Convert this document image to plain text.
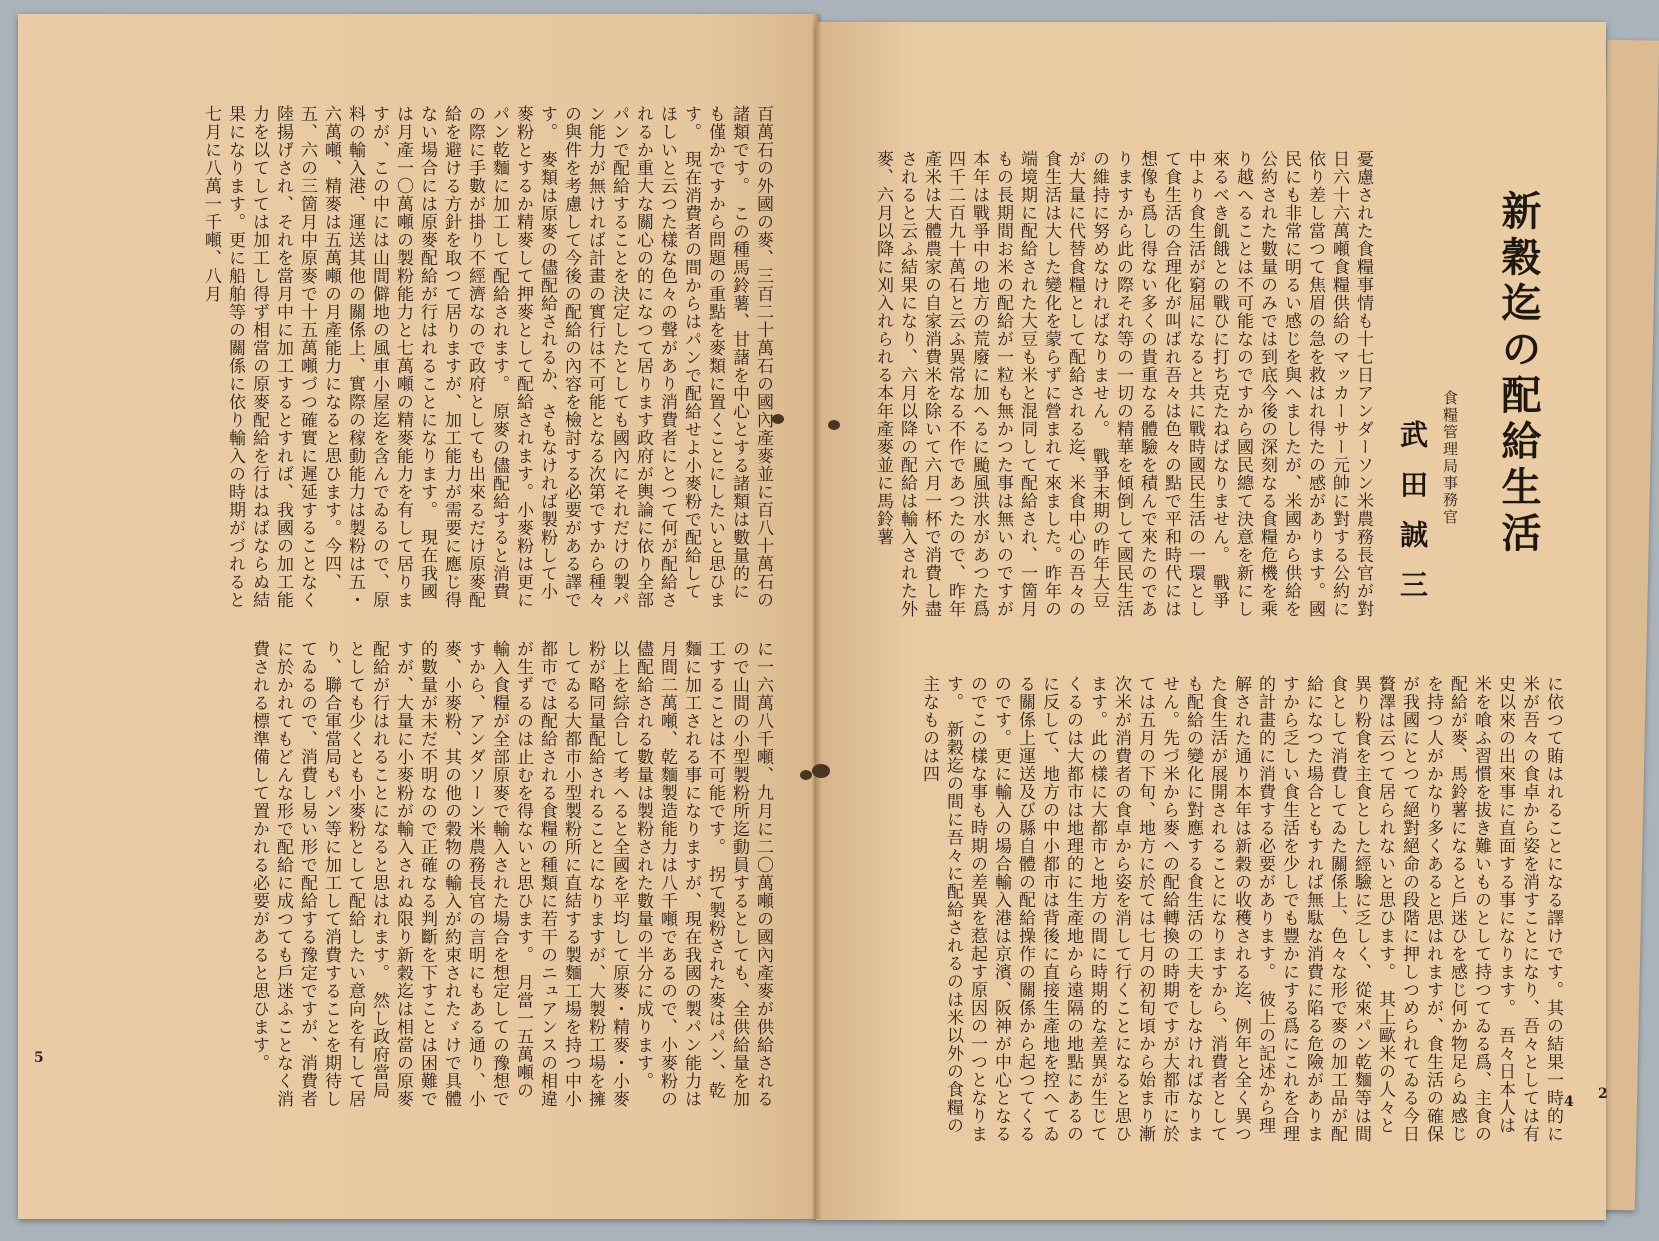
新穀迄の配給生活
食糧管理局事務官
武田誠三
憂慮された食糧事情も十七日アンダーソン米農務長官が對日六十六萬噸食糧供給のマッカーサー元帥に對する公約に依り差し當つて焦眉の急を救はれ得たの感があります。國民にも非常に明るい感じを與へましたが、米國から供給を公約された數量のみでは到底今後の深刻なる食糧危機を乘り越へることは不可能なのですから國民總て決意を新にし來るべき飢餓との戰ひに打ち克たねばなりません。　戰爭中より食生活が窮屈になると共に戰時國民生活の一環として食生活の合理化が叫ばれ吾々は色々の點で平和時代には想像も爲し得ない多くの貴重なる體驗を積んで來たのでありますから此の際それ等の一切の精華を傾倒して國民生活の維持に努めなければなりません。　戰爭末期の昨年大豆が大量に代替食糧として配給される迄、米食中心の吾々の食生活は大した變化を蒙らずに營まれて來ました。昨年の端境期に配給された大豆も米と混同して配給され、一箇月もの長期間お米の配給が一粒も無かつた事は無いのですが本年は戰爭中の地方の荒廢に加へるに颱風洪水があつた爲四千二百九十萬石と云ふ異常なる不作であつたので、昨年產米は大體農家の自家消費米を除いて六月一杯で消費し盡されると云ふ結果になり、六月以降の配給は輸入された外麥、六月以降に刈入れられる本年產麥並に馬鈴薯
に依つて賄はれることになる譯けです。其の結果一時的に米が吾々の食卓から姿を消すことになり、吾々としては有史以來の出來事に直面する事になります。　吾々日本人は米を喰ふ習慣を拔き難いものとして持つてゐる爲、主食の配給が麥、馬鈴薯になると戶迷ひを感じ何か物足らぬ感じを持つ人がかなり多くあると思はれますが、食生活の確保が我國にとつて絕對絕命の段階に押しつめられてゐる今日贅澤は云つて居られないと思ひます。　其上歐米の人々と異り粉食を主食とした經驗に乏しく、從來パン乾麵等は間食として消費してゐた關係上、色々な形で麥の加工品が配給になつた場合ともすれば無駄な消費に陷る危險がありますから乏しい食生活を少しでも豐かにする爲にこれを合理的計畫的に消費する必要があります。　彼上の記述から理解された通り本年は新穀の收穫される迄、例年と全く異つた食生活が展開されることになりますから、消費者としても配給の變化に對應する食生活の工夫をしなければなりません。先づ米から麥への配給轉換の時期ですが大都市に於ては五月の下旬、地方に於ては七月の初旬頃から始まり漸次米が消費者の食卓から姿を消して行くことになると思ひます。此の樣に大都市と地方の間に時期的な差異が生じてくるのは大都市は地理的に生產地から遠隔の地點にあるのに反して、地方の中小都市は背後に直接生產地を控へてゐる關係上運送及び縣自體の配給操作の關係から起つてくるのです。更に輸入の場合輸入港は京濱、阪神が中心となるのでこの樣な事も時期の差異を惹起す原因の一つとなります。　新穀迄の間に吾々に配給されるのは米以外の食糧の主なものは四
百萬石の外國の麥、三百二十萬石の國內產麥並に百八十萬石の諸類です。　この種馬鈴薯、甘藷を中心とする諸類は數量的にも僅かですから問題の重點を麥類に置くことにしたいと思ひます。　現在消費者の間からはパンで配給せよ小麥粉で配給してほしいと云つた樣な色々の聲があり消費者にとつて何が配給されるか重大な關心の的になつて居ります政府が輿論に依り全部パンで配給することを決定したとしても國內にそれだけの製パン能力が無ければ計畫の實行は不可能となる次第ですから種々の與件を考慮して今後の配給の內容を檢討する必要がある譯です。　麥類は原麥の儘配給されるか、さもなければ製粉して小麥粉とするか精麥して押麥として配給されます。小麥粉は更にパン乾麵に加工して配給されます。　原麥の儘配給すると消費の際に手數が掛り不經濟なので政府としても出來るだけ原麥配給を避ける方針を取つて居りますが、加工能力が需要に應じ得ない場合には原麥配給が行はれることになります。　現在我國は月產一〇萬噸の製粉能力と七萬噸の精麥能力を有して居りますが、この中には山間僻地の風車小屋迄を含んでゐるので、原料の輸入港、運送其他の關係上、實際の稼動能力は製粉は五・六萬噸、精麥は五萬噸の月產能力になると思ひます。今四、五、六の三箇月中原麥で十五萬噸づつ確實に遲延することなく陸揚げされ、それを當月中に加工するとすれば、我國の加工能力を以てしては加工し得ず相當の原麥配給を行はねばならぬ結果になります。更に船舶等の關係に依り輸入の時期がづれると七月に八萬一千噸、八月
に一六萬八千噸、九月に二〇萬噸の國內產麥が供給されるので山間の小型製粉所迄動員するとしても、全供給量を加工することは不可能です。　拐て製粉された麥はパン、乾麵に加工される事になりますが、現在我國の製パン能力は月間二萬噸、乾麵製造能力は八千噸であるので、小麥粉の儘配給される數量は製粉された數量の半分に成ります。　以上を綜合して考へると全國を平均して原麥・精麥・小麥粉が略同量配給されることになりますが、大製粉工場を擁してゐる大都市小型製粉所に直結する製麵工場を持つ中小都市では配給される食糧の種類に若干のニュアンスの相違が生ずるのは止むを得ないと思ひます。　月當一五萬噸の輸入食糧が全部原麥で輸入された場合を想定しての豫想ですから、アンダソーン米農務長官の言明にもある通り、小麥、小麥粉、其の他の穀物の輸入が約束されたゞけで具體的數量が未だ不明なので正確なる判斷を下すことは困難ですが、大量に小麥粉が輸入されぬ限り新穀迄は相當の原麥配給が行はれることになると思はれます。　然し政府當局としても少くとも小麥粉として配給したい意向を有して居り、聯合軍當局もパン等に加工して消費することを期待してゐるので、消費し易い形で配給する豫定ですが、消費者に於かれてもどんな形で配給に成つても戶迷ふことなく消費される標準備して置かれる必要があると思ひます。
5
4 2
